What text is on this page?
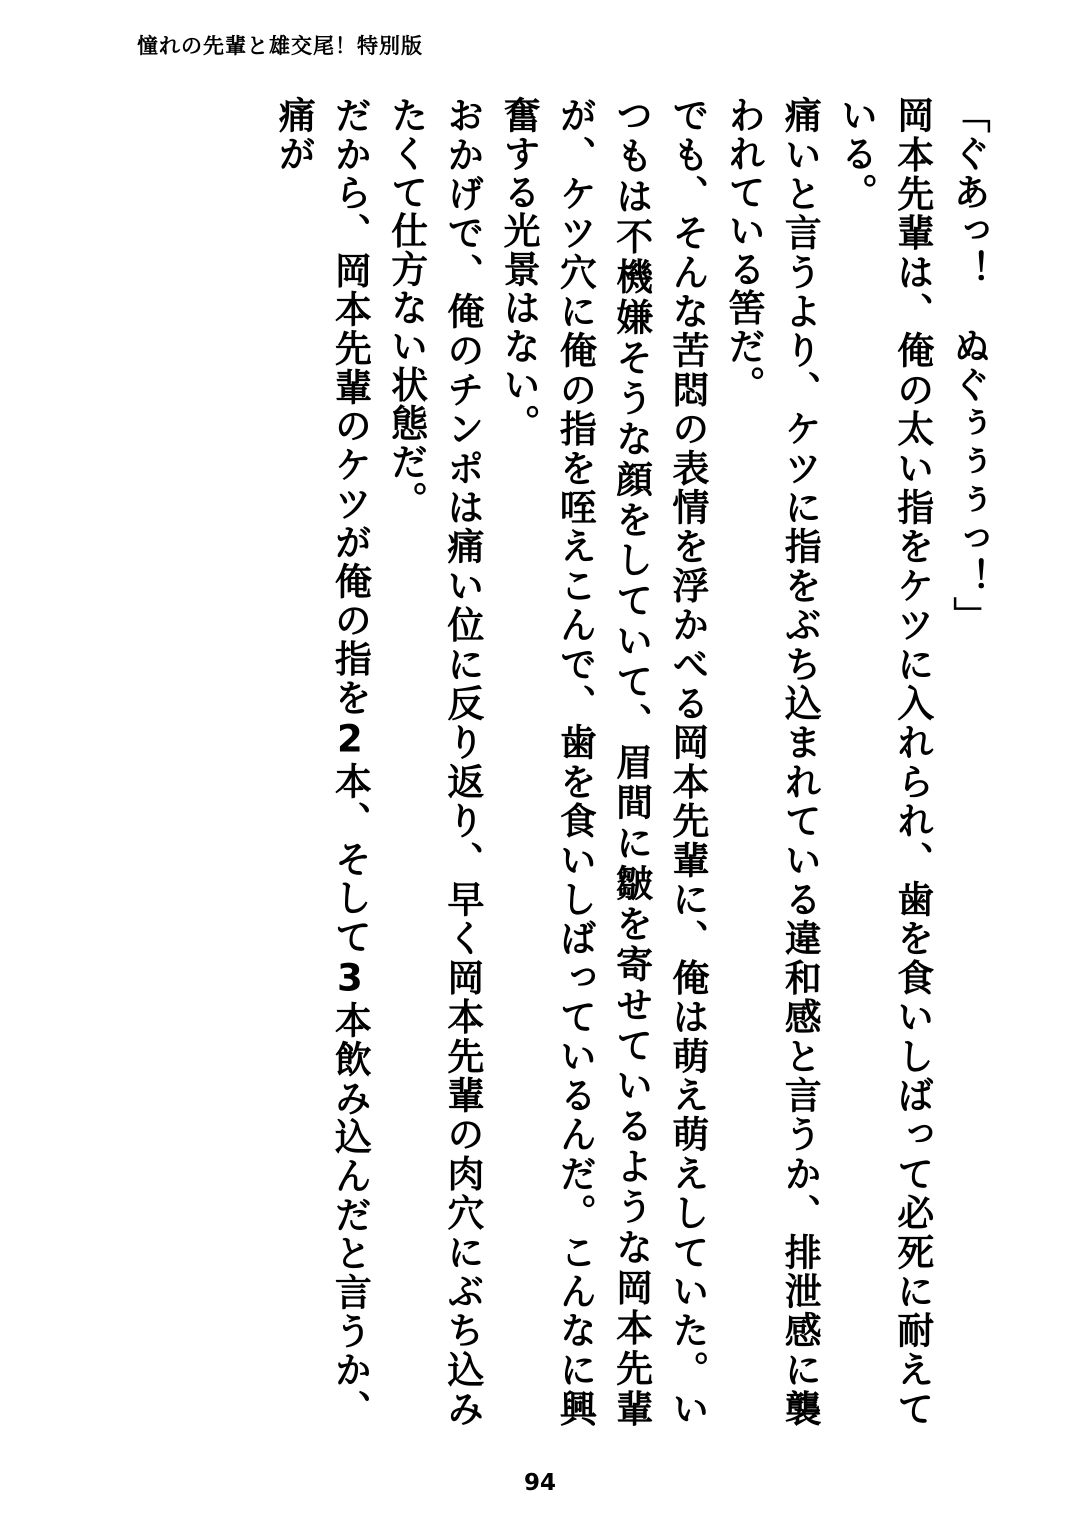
憧れの先輩と雄交尾！特別版

「ぐあっ！　ぬぐぅぅぅっ！」

岡本先輩は、俺の太い指をケツに入れられ、歯を食いしばって必死に耐えている。

痛いと言うより、ケツに指をぶち込まれている違和感と言うか、排泄感に襲われている筈だ。

でも、そんな苦悶の表情を浮かべる岡本先輩に、俺は萌え萌えしていた。いつもは不機嫌そうな顔をしていて、眉間に皺を寄せているような岡本先輩が、ケツ穴に俺の指を咥えこんで、歯を食いしばっているんだ。こんなに興奮する光景はない。

おかげで、俺のチンポは痛い位に反り返り、早く岡本先輩の肉穴にぶち込みたくて仕方ない状態だ。

だから、岡本先輩のケツが俺の指を2本、そして3本飲み込んだと言うか、痛が

94
